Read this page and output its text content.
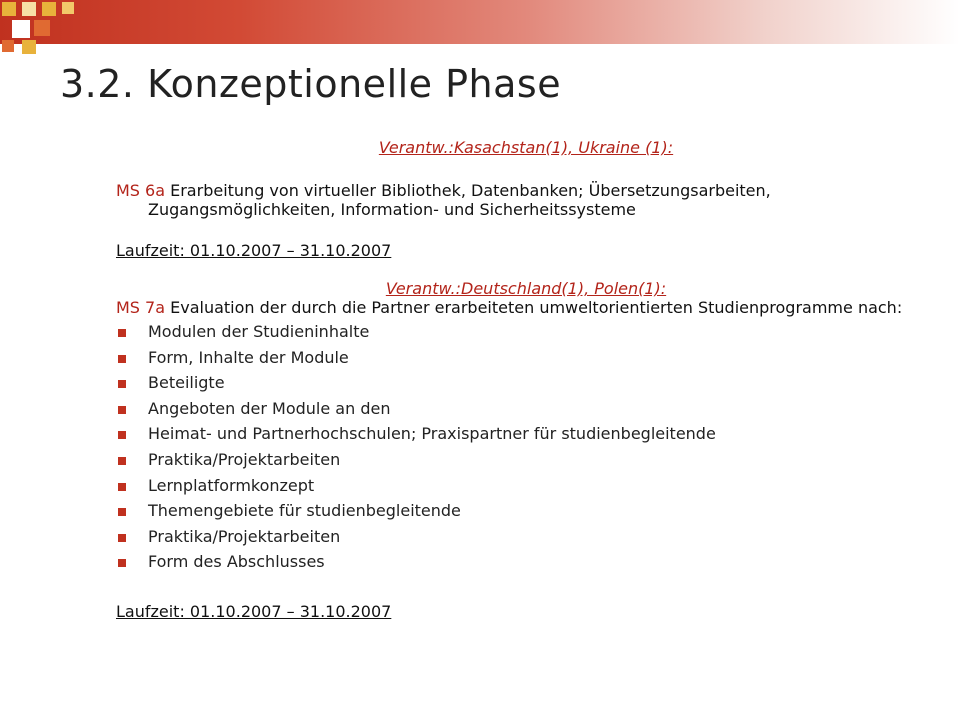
3.2. Konzeptionelle Phase
Verantw.:Kasachstan(1), Ukraine (1):

MS 6a Erarbeitung von virtueller Bibliothek, Datenbanken; Übersetzungsarbeiten, Zugangsmöglichkeiten, Information- und Sicherheitssysteme

Laufzeit: 01.10.2007 – 31.10.2007
Verantw.:Deutschland(1), Polen(1):

MS 7a Evaluation der durch die Partner erarbeiteten umweltorientierten Studienprogramme nach:

Modulen der Studieninhalte
Form, Inhalte der Module
Beteiligte
Angeboten der Module an den
Heimat- und Partnerhochschulen; Praxispartner für studienbegleitende
Praktika/Projektarbeiten
Lernplatformkonzept
Themengebiete für studienbegleitende
Praktika/Projektarbeiten
Form des Abschlusses
Laufzeit: 01.10.2007 – 31.10.2007
